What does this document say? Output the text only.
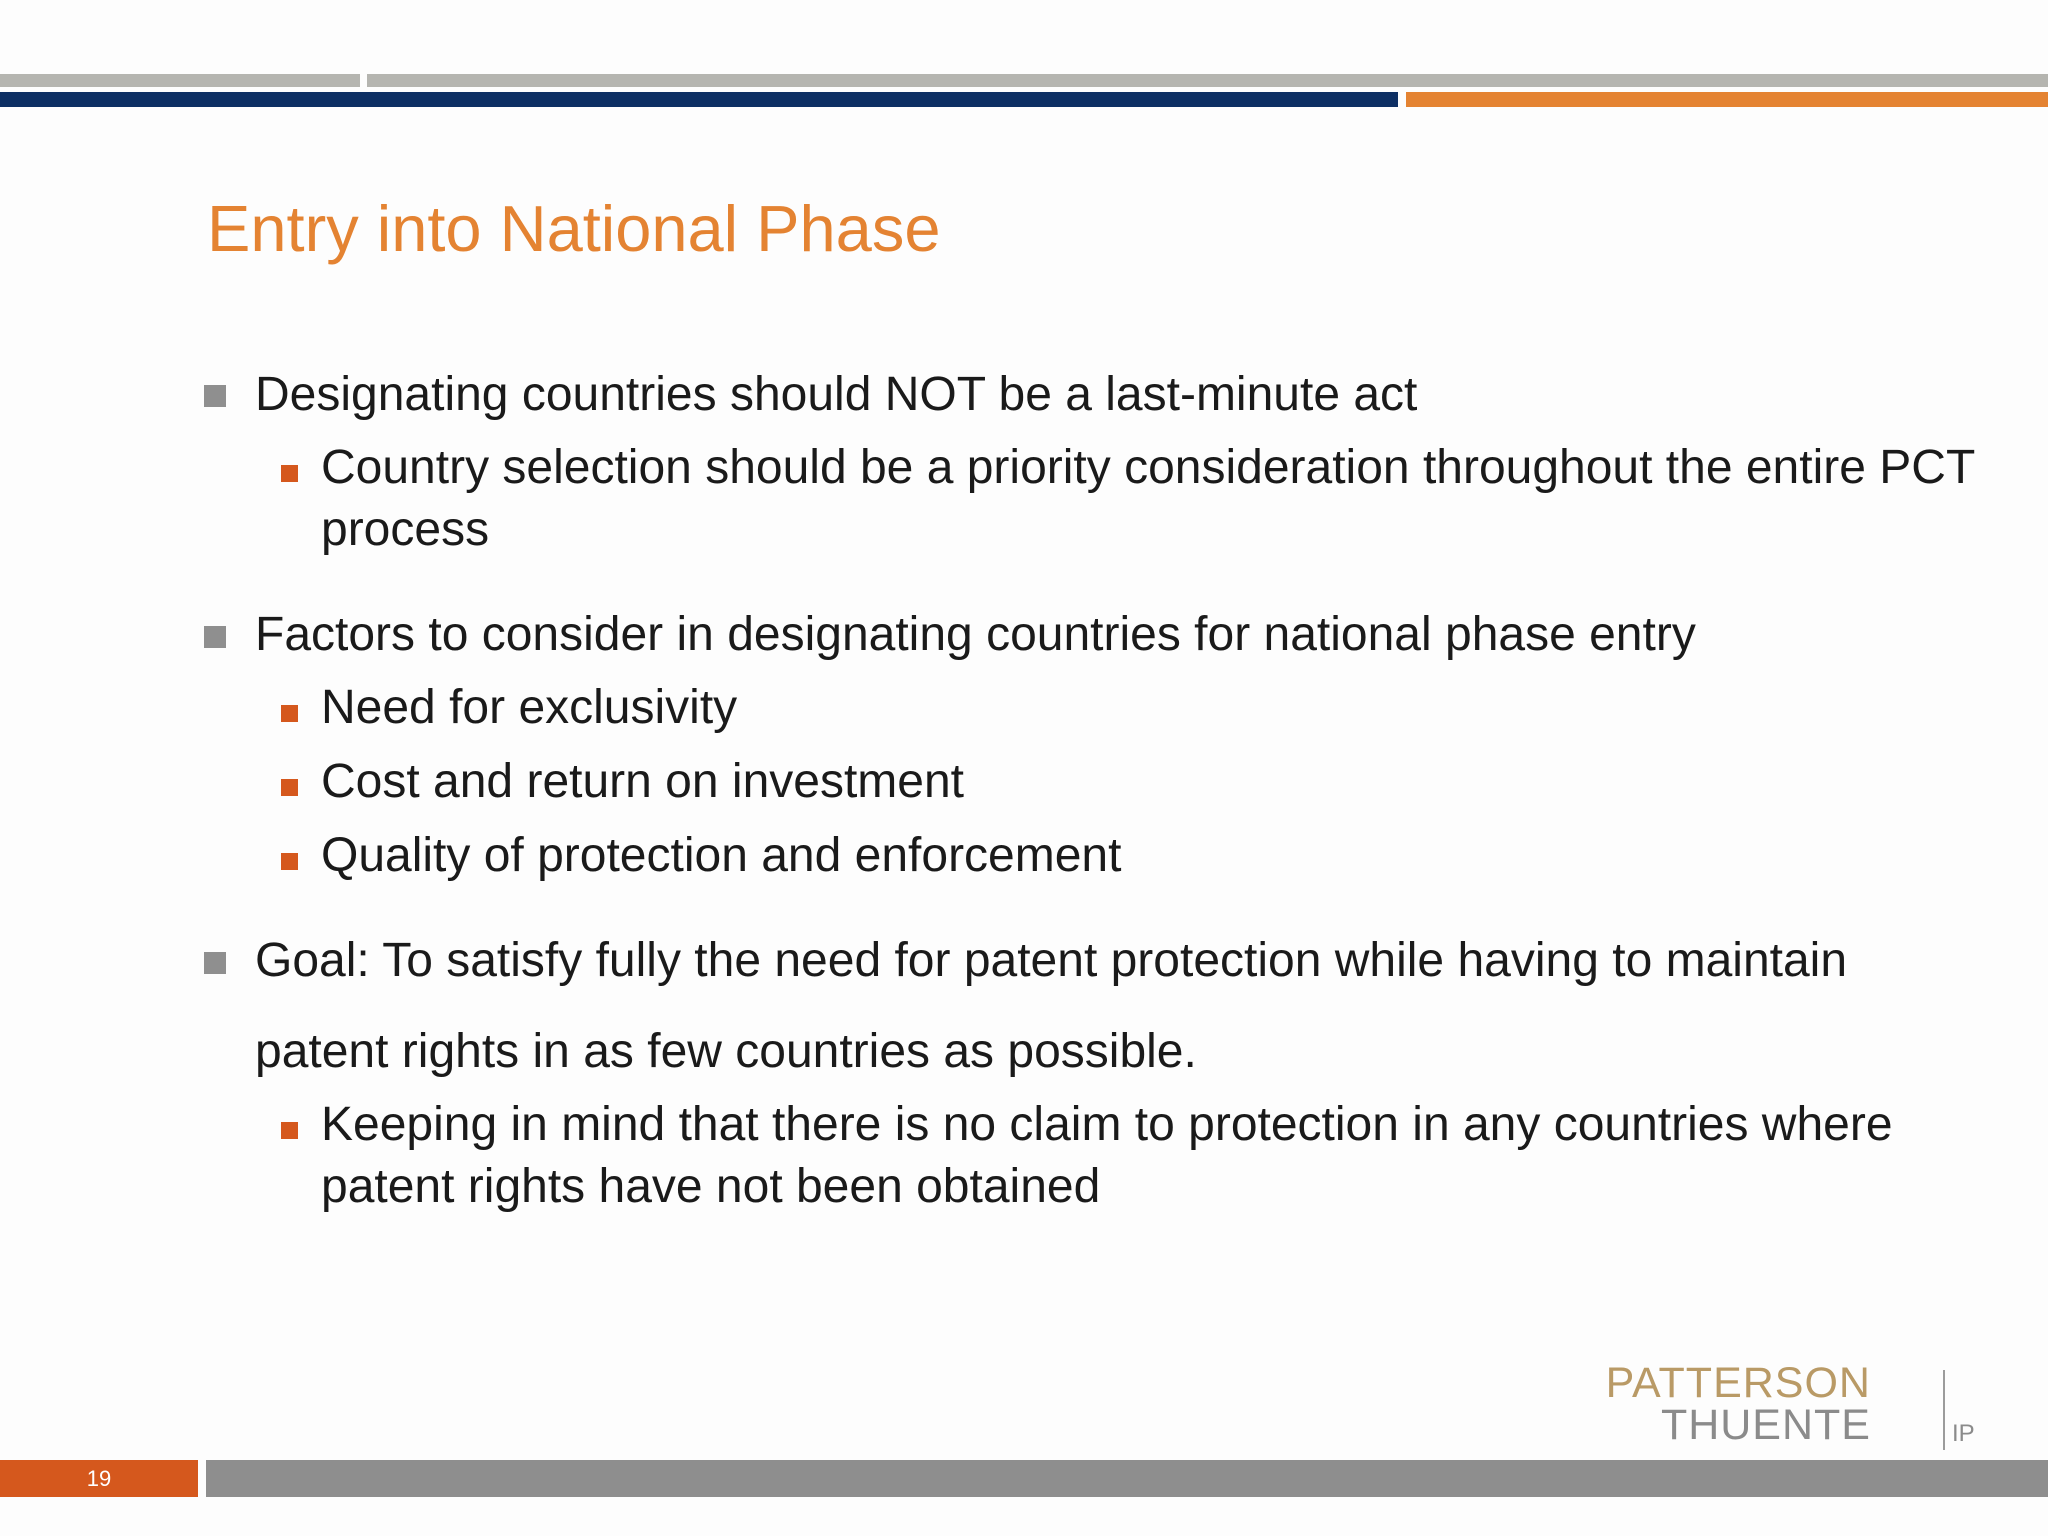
Entry into National Phase
Designating countries should NOT be a last-minute act
Country selection should be a priority consideration throughout the entire PCT process
Factors to consider in designating countries for national phase entry
Need for exclusivity
Cost and return on investment
Quality of protection and enforcement
Goal: To satisfy fully the need for patent protection while having to maintain
patent rights in as few countries as possible.
Keeping in mind that there is no claim to protection in any countries where patent rights have not been obtained
PATTERSON
THUENTE	IP
19
